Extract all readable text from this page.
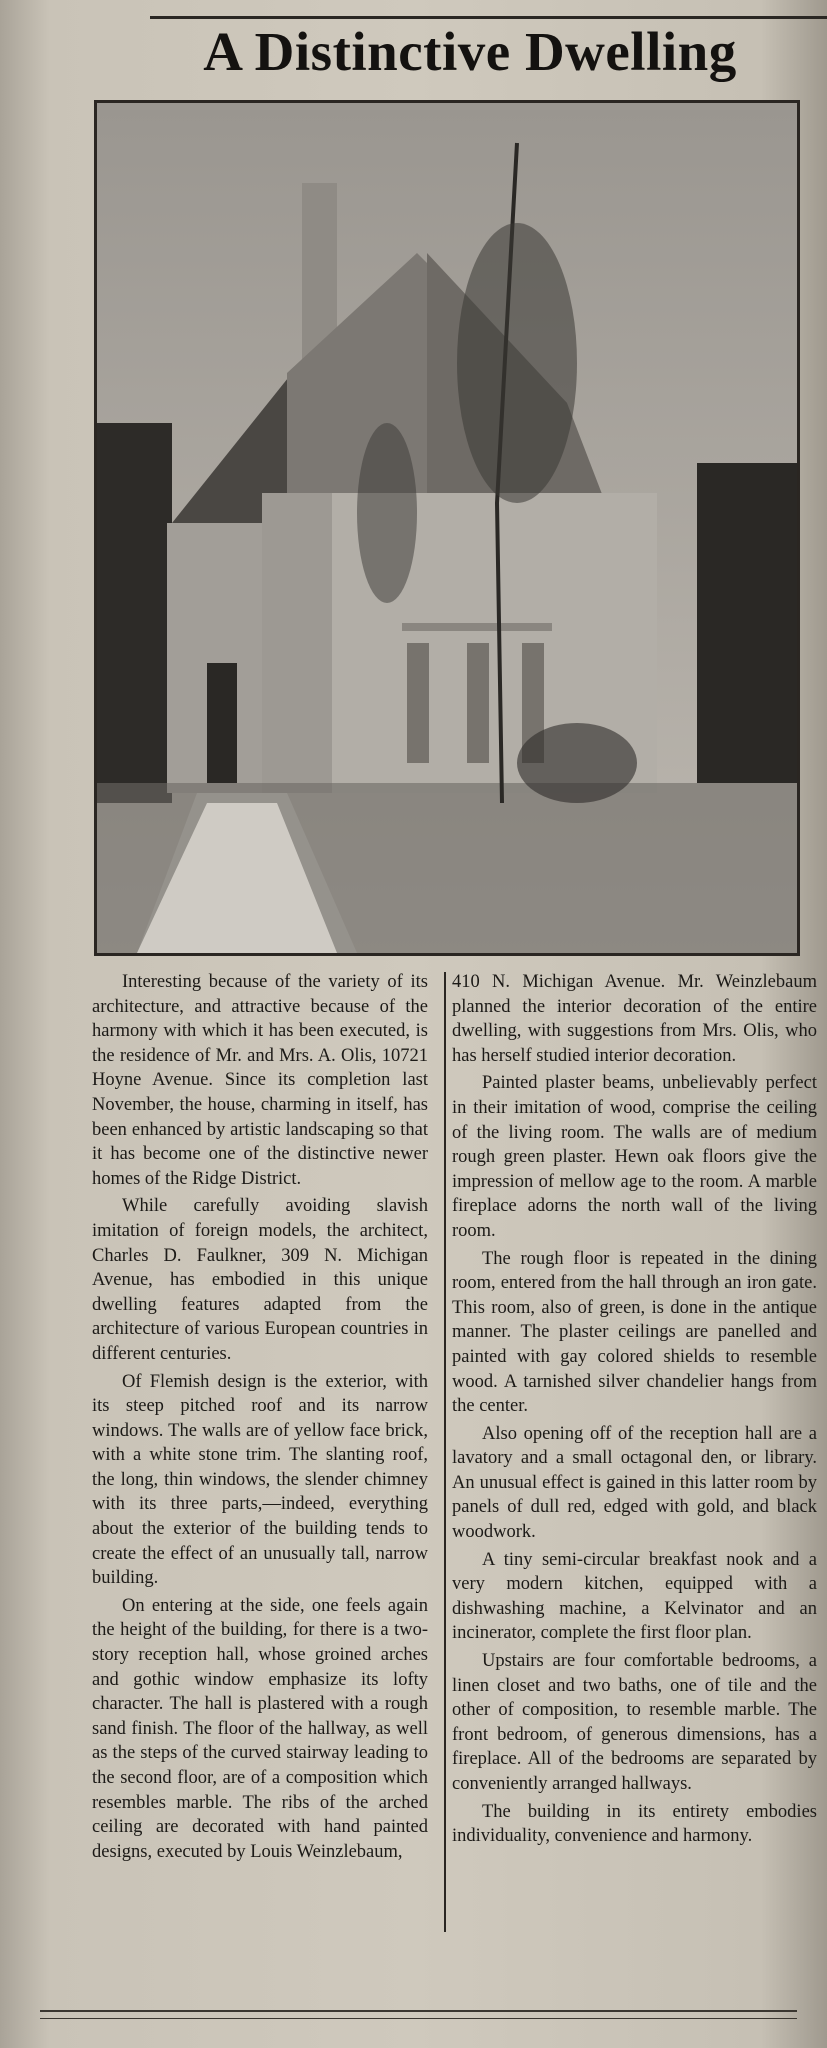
A Distinctive Dwelling

Interesting because of the variety of its architecture, and attractive because of the harmony with which it has been executed, is the residence of Mr. and Mrs. A. Olis, 10721 Hoyne Avenue. Since its completion last November, the house, charming in itself, has been enhanced by artistic landscaping so that it has become one of the distinctive newer homes of the Ridge District.

While carefully avoiding slavish imitation of foreign models, the architect, Charles D. Faulkner, 309 N. Michigan Avenue, has embodied in this unique dwelling features adapted from the architecture of various European countries in different centuries.

Of Flemish design is the exterior, with its steep pitched roof and its narrow windows. The walls are of yellow face brick, with a white stone trim. The slanting roof, the long, thin windows, the slender chimney with its three parts,—indeed, everything about the exterior of the building tends to create the effect of an unusually tall, narrow building.

On entering at the side, one feels again the height of the building, for there is a two-story reception hall, whose groined arches and gothic window emphasize its lofty character. The hall is plastered with a rough sand finish. The floor of the hallway, as well as the steps of the curved stairway leading to the second floor, are of a composition which resembles marble. The ribs of the arched ceiling are decorated with hand painted designs, executed by Louis Weinzlebaum,

410 N. Michigan Avenue. Mr. Weinzlebaum planned the interior decoration of the entire dwelling, with suggestions from Mrs. Olis, who has herself studied interior decoration.

Painted plaster beams, unbelievably perfect in their imitation of wood, comprise the ceiling of the living room. The walls are of medium rough green plaster. Hewn oak floors give the impression of mellow age to the room. A marble fireplace adorns the north wall of the living room.

The rough floor is repeated in the dining room, entered from the hall through an iron gate. This room, also of green, is done in the antique manner. The plaster ceilings are panelled and painted with gay colored shields to resemble wood. A tarnished silver chandelier hangs from the center.

Also opening off of the reception hall are a lavatory and a small octagonal den, or library. An unusual effect is gained in this latter room by panels of dull red, edged with gold, and black woodwork.

A tiny semi-circular breakfast nook and a very modern kitchen, equipped with a dishwashing machine, a Kelvinator and an incinerator, complete the first floor plan.

Upstairs are four comfortable bedrooms, a linen closet and two baths, one of tile and the other of composition, to resemble marble. The front bedroom, of generous dimensions, has a fireplace. All of the bedrooms are separated by conveniently arranged hallways.

The building in its entirety embodies individuality, convenience and harmony.
